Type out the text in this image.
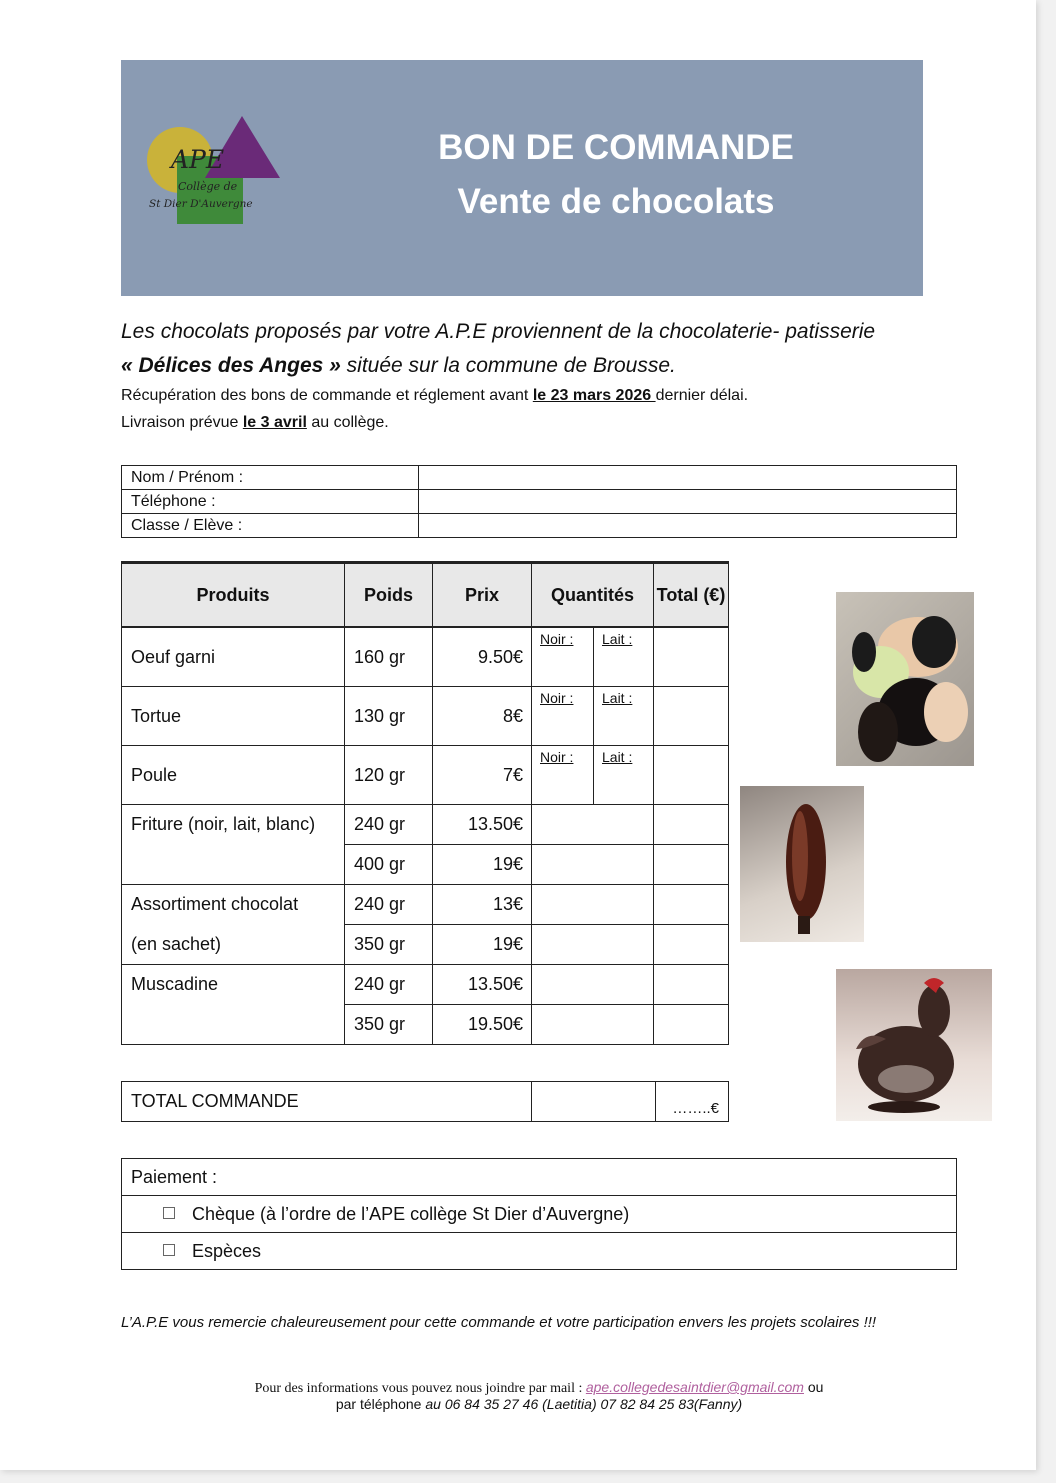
APE
Collège de
St Dier D'Auvergne
BON DE COMMANDE
Vente de chocolats
Les chocolats proposés par votre A.P.E proviennent de la chocolaterie- patisserie
« Délices des Anges » située sur la commune de Brousse.
Récupération des bons de commande et réglement avant le 23 mars 2026 dernier délai.
Livraison prévue le 3 avril au collège.
Nom / Prénom :	
Téléphone :	
Classe / Elève :	
Produits	Poids	Prix	Quantités		Total (€)
Oeuf garni	160 gr	9.50€	Noir :	Lait :	
Tortue	130 gr	8€	Noir :	Lait :	
Poule	120 gr	7€	Noir :	Lait :	
Friture (noir, lait, blanc)	240 gr	13.50€			
	400 gr	19€			
Assortiment chocolat	240 gr	13€			
(en sachet)	350 gr	19€			
Muscadine	240 gr	13.50€			
	350 gr	19.50€			
TOTAL COMMANDE		……..€
Paiement :
Chèque (à l’ordre de l’APE collège St Dier d’Auvergne)
Espèces
L’A.P.E vous remercie chaleureusement pour cette commande et votre participation envers les projets scolaires !!!
Pour des informations vous pouvez nous joindre par mail : ape.collegedesaintdier@gmail.com ou
par téléphone au 06 84 35 27 46 (Laetitia) 07 82 84 25 83(Fanny)
